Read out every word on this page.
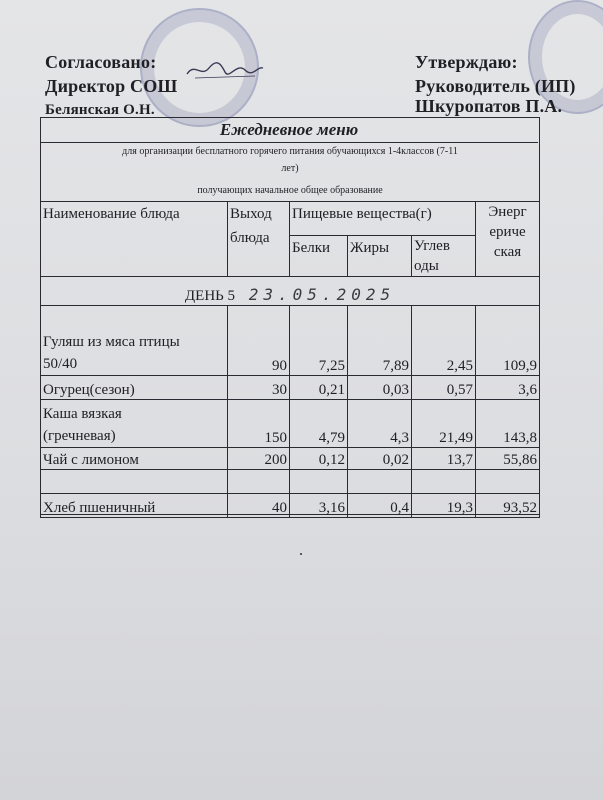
Согласовано:
Директор СОШ
Белянская О.Н.
Утверждаю:
Руководитель (ИП)
Шкуропатов П.А.
Ежедневное меню
для организации бесплатного горячего питания обучающихся 1-4класcов (7-11
лет)
получающих начальное общее образование
Наименование блюда	Выход
блюда	Пищевые вещества(г)			Энерг
ериче
ская
		Белки	Жиры	Углев
оды	
ДЕНЬ 5 23.05.2025					
Гуляш из мяса птицы
50/40	90	7,25	7,89	2,45	109,9
Огурец(сезон)	30	0,21	0,03	0,57	3,6
Каша вязкая
(гречневая)	150	4,79	4,3	21,49	143,8
Чай с лимоном	200	0,12	0,02	13,7	55,86

Хлеб пшеничный	40	3,16	0,4	19,3	93,52
